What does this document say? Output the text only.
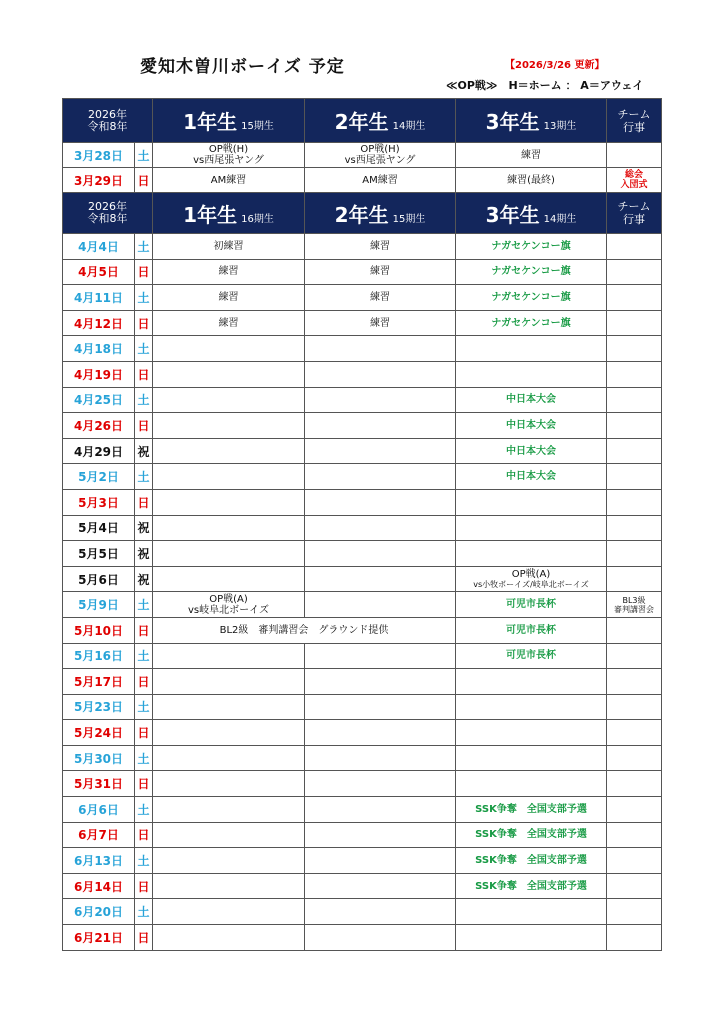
愛知木曽川ボーイズ 予定	【2026/3/26 更新】
≪OP戦≫　H＝ホーム ： A＝アウェイ
2026年
令和8年		1年生 15期生	2年生 14期生	3年生 13期生	チーム
行事

3月28日	土	OP戦(H)
vs西尾張ヤング	OP戦(H)
vs西尾張ヤング	練習	
3月29日	日	AM練習	AM練習	練習(最終)	総会
入団式

2026年
令和8年		1年生 16期生	2年生 15期生	3年生 14期生	チーム
行事

4月4日	土	初練習	練習	ナガセケンコー旗	
4月5日	日	練習	練習	ナガセケンコー旗	
4月11日	土	練習	練習	ナガセケンコー旗	
4月12日	日	練習	練習	ナガセケンコー旗	
4月18日	土				
4月19日	日				
4月25日	土			中日本大会	
4月26日	日			中日本大会	
4月29日	祝			中日本大会	
5月2日	土			中日本大会	
5月3日	日				
5月4日	祝				
5月5日	祝				
5月6日	祝			OP戦(A)
vs小牧ボーイズ/岐阜北ボーイズ	

5月9日	土	OP戦(A)
vs岐阜北ボーイズ		可児市長杯	BL3級
審判講習会

5月10日	日	BL2級　審判講習会　グラウンド提供		可児市長杯	
5月16日	土			可児市長杯	
5月17日	日				
5月23日	土				
5月24日	日				
5月30日	土				
5月31日	日				
6月6日	土			SSK争奪　全国支部予選	
6月7日	日			SSK争奪　全国支部予選	
6月13日	土			SSK争奪　全国支部予選	
6月14日	日			SSK争奪　全国支部予選	
6月20日	土				
6月21日	日				
